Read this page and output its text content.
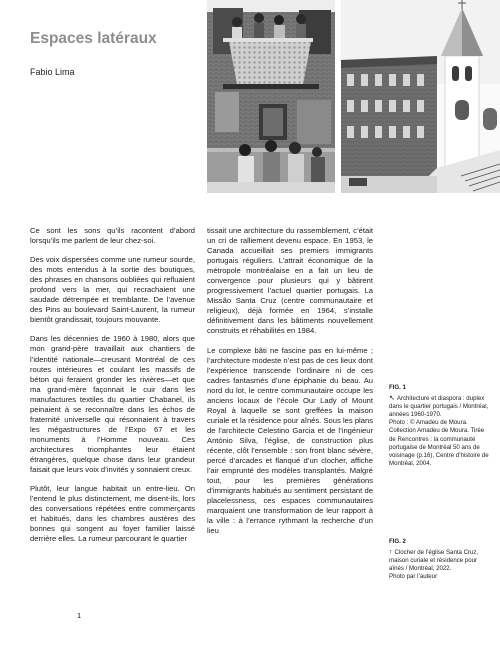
Espaces latéraux

Fabio Lima

Ce sont les sons qu’ils racontent d’abord lorsqu’ils me parlent de leur chez-soi.

Des voix dispersées comme une rumeur sourde, des mots entendus à la sortie des boutiques, des phrases en chansons oubliées qui refluaient profond vers la mer, qui recrachaient une saudade détrempée et tremblante. De l’avenue des Pins au boulevard Saint-Laurent, la rumeur bientôt grandissait, toujours mouvante.

Dans les décennies de 1960 à 1980, alors que mon grand-père travaillait aux chantiers de l’identité nationale—creusant Montréal de ces routes intérieures et coulant les massifs de béton qui feraient gronder les rivières—et que ma grand-mère façonnait le cuir dans les manufactures textiles du quartier Chabanel, ils peinaient à se reconnaître dans les échos de fraternité universelle qui résonnaient à travers les mégastructures de l’Expo 67 et les monuments à l’Homme nouveau. Ces architectures triomphantes leur étaient étrangères, quelque chose dans leur grandeur faisait que leurs voix d’invités y sonnaient creux.

Plutôt, leur langue habitait un entre-lieu. On l’entend le plus distinctement, me disent-ils, lors des conversations répétées entre commerçants et habitués, dans les chambres austères des bonnes qui songent au foyer familier laissé derrière elles. La rumeur parcourant le quartier

tissait une architecture du rassemblement, c’était un cri de ralliement devenu espace. En 1953, le Canada accueillait ses premiers immigrants portugais réguliers. L’attrait économique de la métropole montréalaise en a fait un lieu de convergence pour plusieurs qui y bâtirent progressivement l’actuel quartier portugais. La Missão Santa Cruz (centre communautaire et religieux), déjà formée en 1964, s’installe définitivement dans les bâtiments nouvellement construits et réhabilités en 1984.

Le complexe bâti ne fascine pas en lui-même ; l’architecture modeste n’est pas de ces lieux dont l’expérience transcende l’ordinaire ni de ces cadres fantasmés d’une épiphanie du beau. Au nord du lot, le centre communautaire occupe les anciens locaux de l’école Our Lady of Mount Royal à laquelle se sont greffées la maison curiale et la résidence pour aînés. Sous les plans de l’architecte Celestino Garcia et de l’ingénieur António Silva, l’église, de construction plus récente, clôt l’ensemble : son front blanc sévère, percé d’arcades et flanqué d’un clocher, affiche l’air emprunté des modèles transplantés. Malgré tout, pour les premières générations d’immigrants habitués au sentiment persistant de placelessness, ces espaces communautaires marquaient une transformation de leur rapport à la ville : à l’errance rythmant la recherche d’un lieu

FIG. 1

↖ Architecture et diaspora : duplex dans le quartier portugais / Montréal, années 1960-1970.

Photo : © Amadeu de Moura. Collection Amadeu de Moura. Tirée de Rencontres : la communauté portugaise de Montréal 50 ans de voisinage (p.16), Centre d’histoire de Montréal, 2004.

FIG. 2

↑ Clocher de l’église Santa Cruz, maison curiale et résidence pour aînés / Montréal, 2022.

Photo par l’auteur

1
